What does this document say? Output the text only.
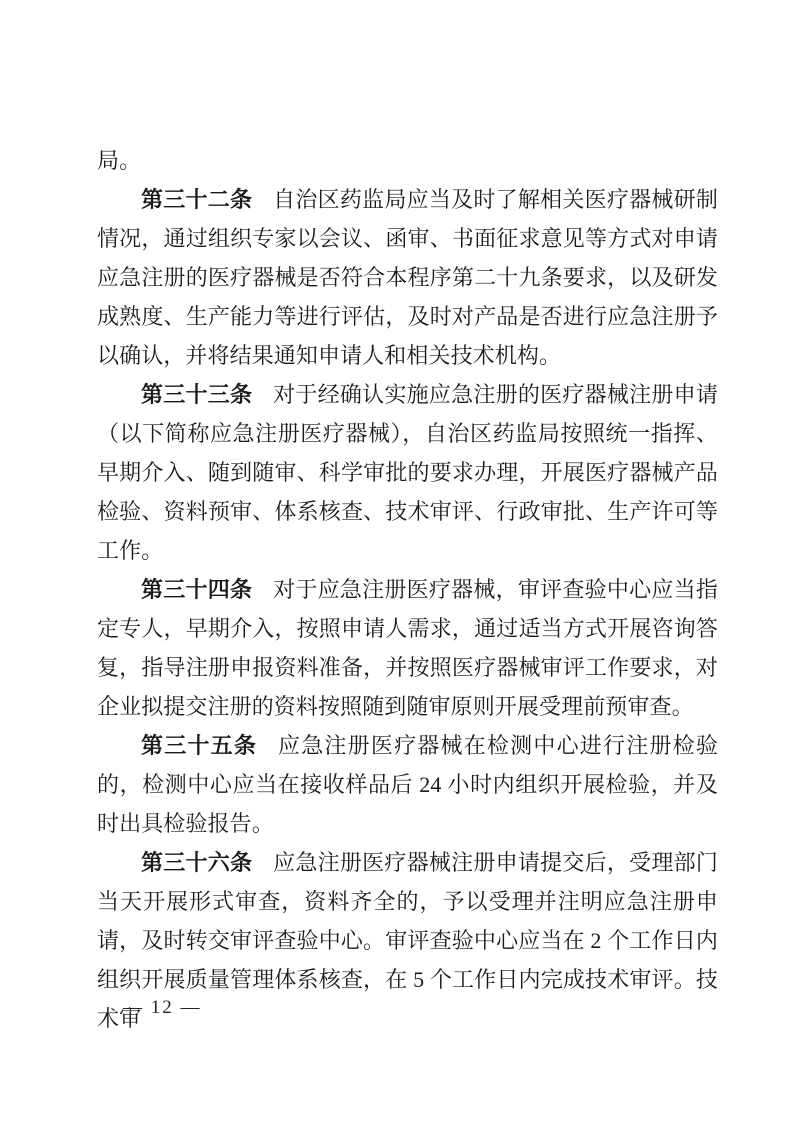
局。

第三十二条 自治区药监局应当及时了解相关医疗器械研制情况，通过组织专家以会议、函审、书面征求意见等方式对申请应急注册的医疗器械是否符合本程序第二十九条要求，以及研发成熟度、生产能力等进行评估，及时对产品是否进行应急注册予以确认，并将结果通知申请人和相关技术机构。

第三十三条 对于经确认实施应急注册的医疗器械注册申请（以下简称应急注册医疗器械），自治区药监局按照统一指挥、早期介入、随到随审、科学审批的要求办理，开展医疗器械产品检验、资料预审、体系核查、技术审评、行政审批、生产许可等工作。

第三十四条 对于应急注册医疗器械，审评查验中心应当指定专人，早期介入，按照申请人需求，通过适当方式开展咨询答复，指导注册申报资料准备，并按照医疗器械审评工作要求，对企业拟提交注册的资料按照随到随审原则开展受理前预审查。

第三十五条 应急注册医疗器械在检测中心进行注册检验的，检测中心应当在接收样品后 24 小时内组织开展检验，并及时出具检验报告。

第三十六条 应急注册医疗器械注册申请提交后，受理部门当天开展形式审查，资料齐全的，予以受理并注明应急注册申请，及时转交审评查验中心。审评查验中心应当在 2 个工作日内组织开展质量管理体系核查，在 5 个工作日内完成技术审评。技术审

— 12 —
